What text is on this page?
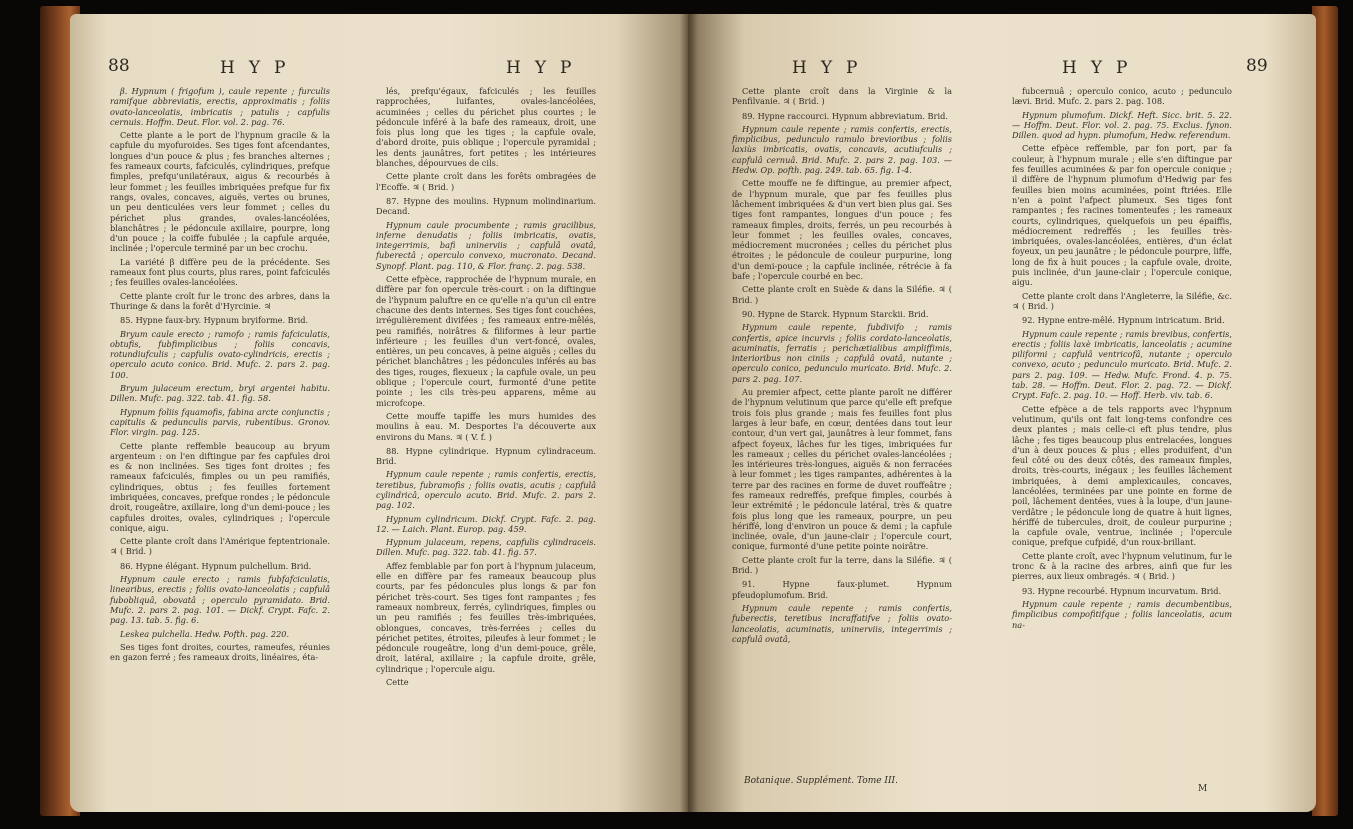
88	HYP	HYP

β. Hypnum ( frigofum ), caule repente ; furculis ramifque abbreviatis, erectis, approximatis ; foliis ovato-lanceolatis, imbricatis ; patulis ; capfulis cernuis. Hoffm. Deut. Flor. vol. 2. pag. 76.

Cette plante a le port de l'hypnum gracile & la capfule du myofuroides. Ses tiges font afcendantes, longues d'un pouce & plus ; fes branches alternes ; fes rameaux courts, fafciculés, cylindriques, prefque fimples, prefqu'unilatéraux, aigus & recourbés à leur fommet ; les feuilles imbriquées prefque fur fix rangs, ovales, concaves, aiguës, vertes ou brunes, un peu denticulées vers leur fommet ; celles du périchet plus grandes, ovales-lancéolées, blanchâtres ; le pédoncule axillaire, pourpre, long d'un pouce ; la coiffe fubulée ; la capfule arquée, inclinée ; l'opercule terminé par un bec crochu.

La variété β diffère peu de la précédente. Ses rameaux font plus courts, plus rares, point fafciculés ; fes feuilles ovales-lancéolées.

Cette plante croît fur le tronc des arbres, dans la Thuringe & dans la forêt d'Hyrcinie. ♃

85. Hypne faux-bry. Hypnum bryiforme. Brid.

Bryum caule erecto ; ramofo ; ramis fafciculatis, obtufis, fubfimplicibus ; foliis concavis, rotundiufculis ; capfulis ovato-cylindricis, erectis ; operculo acuto conico. Brid. Mufc. 2. pars 2. pag. 100.

Bryum julaceum erectum, bryi argentei habitu. Dillen. Mufc. pag. 322. tab. 41. fig. 58.

Hypnum foliis fquamofis, fabina arcte conjunctis ; capitulis & pedunculis parvis, rubentibus. Gronov. Flor. virgin. pag. 125.

Cette plante reffemble beaucoup au bryum argenteum : on l'en diftingue par fes capfules droi es & non inclinées. Ses tiges font droites ; fes rameaux fafciculés, fimples ou un peu ramifiés, cylindriques, obtus ; fes feuilles fortement imbriquées, concaves, prefque rondes ; le pédoncule droit, rougeâtre, axillaire, long d'un demi-pouce ; les capfules droites, ovales, cylindriques ; l'opercule conique, aigu.

Cette plante croît dans l'Amérique feptentrionale. ♃ ( Brid. )

86. Hypne élégant. Hypnum pulchellum. Brid.

Hypnum caule erecto ; ramis fubfafciculatis, linearibus, erectis ; foliis ovato-lanceolatis ; capfulâ fubobliquâ, obovatâ ; operculo pyramidato. Brid. Mufc. 2. pars 2. pag. 101. — Dickf. Crypt. Fafc. 2. pag. 13. tab. 5. fig. 6.

Leskea pulchella. Hedw. Pofth. pag. 220.

Ses tiges font droites, courtes, rameufes, réunies en gazon ferré ; fes rameaux droits, linéaires, éta-

lés, prefqu'égaux, fafciculés ; les feuilles rapprochées, luifantes, ovales-lancéolées, acuminées ; celles du périchet plus courtes ; le pédoncule inféré à la bafe des rameaux, droit, une fois plus long que les tiges ; la capfule ovale, d'abord droite, puis oblique ; l'opercule pyramidal ; les dents jaunâtres, fort petites ; les intérieures blanches, dépourvues de cils.

Cette plante croît dans les forêts ombragées de l'Ecoffe. ♃ ( Brid. )

87. Hypne des moulins. Hypnum molindinarium. Decand.

Hypnum caule procumbente ; ramis gracilibus, inferne denudatis ; foliis imbricatis, ovatis, integerrimis, bafi uninerviis ; capfulâ ovatâ, fuberectâ ; operculo convexo, mucronato. Decand. Synopf. Plant. pag. 110, & Flor. franç. 2. pag. 538.

Cette efpèce, rapprochée de l'hypnum murale, en diffère par fon opercule très-court : on la diftingue de l'hypnum paluftre en ce qu'elle n'a qu'un cil entre chacune des dents internes. Ses tiges font couchées, irrégulièrement divifées ; fes rameaux entre-mêlés, peu ramifiés, noirâtres & filiformes à leur partie inférieure ; les feuilles d'un vert-foncé, ovales, entières, un peu concaves, à peine aiguës ; celles du périchet blanchâtres ; les pédoncules inférés au bas des tiges, rouges, flexueux ; la capfule ovale, un peu oblique ; l'opercule court, furmonté d'une petite pointe ; les cils très-peu apparens, même au microfcope.

Cette mouffe tapiffe les murs humides des moulins à eau. M. Desportes l'a découverte aux environs du Mans. ♃ ( V. f. )

88. Hypne cylindrique. Hypnum cylindraceum. Brid.

Hypnum caule repente ; ramis confertis, erectis, teretibus, fubramofis ; foliis ovatis, acutis ; capfulâ cylindricâ, operculo acuto. Brid. Mufc. 2. pars 2. pag. 102.

Hypnum cylindricum. Dickf. Crypt. Fafc. 2. pag. 12. — Laich. Plant. Europ. pag. 459.

Hypnum julaceum, repens, capfulis cylindraceis. Dillen. Mufc. pag. 322. tab. 41. fig. 57.

Affez femblable par fon port à l'hypnum julaceum, elle en diffère par fes rameaux beaucoup plus courts, par fes pédoncules plus longs & par fon périchet très-court. Ses tiges font rampantes ; fes rameaux nombreux, ferrés, cylindriques, fimples ou un peu ramifiés ; fes feuilles très-imbriquées, oblongues, concaves, très-ferrées ; celles du périchet petites, étroites, pileufes à leur fommet ; le pédoncule rougeâtre, long d'un demi-pouce, grêle, droit, latéral, axillaire ; la capfule droite, grêle, cylindrique ; l'opercule aigu.

Cette

HYP	HYP	89

Cette plante croît dans la Virginie & la Penfilvanie. ♃ ( Brid. )

89. Hypne raccourci. Hypnum abbreviatum. Brid.

Hypnum caule repente ; ramis confertis, erectis, fimplicibus, pedunculo ramulo brevioribus ; foliis laxiùs imbricatis, ovatis, concavis, acutiufculis ; capfulâ cernuâ. Brid. Mufc. 2. pars 2. pag. 103. — Hedw. Op. pofth. pag. 249. tab. 65. fig. 1-4.

Cette mouffe ne fe diftingue, au premier afpect, de l'hypnum murale, que par fes feuilles plus lâchement imbriquées & d'un vert bien plus gai. Ses tiges font rampantes, longues d'un pouce ; fes rameaux fimples, droits, ferrés, un peu recourbés à leur fommet ; les feuilles ovales, concaves, médiocrement mucronées ; celles du périchet plus étroites ; le pédoncule de couleur purpurine, long d'un demi-pouce ; la capfule inclinée, rétrécie à fa bafe ; l'opercule courbé en bec.

Cette plante croît en Suède & dans la Siléfie. ♃ ( Brid. )

90. Hypne de Starck. Hypnum Starckii. Brid.

Hypnum caule repente, fubdivifo ; ramis confertis, apice incurvis ; foliis cordato-lanceolatis, acuminatis, ferratis ; perichætialibus ampliffimis, interioribus non ciniis ; capfulâ ovatâ, nutante ; operculo conico, pedunculo muricato. Brid. Mufc. 2. pars 2. pag. 107.

Au premier afpect, cette plante paroît ne différer de l'hypnum velutinum que parce qu'elle eft prefque trois fois plus grande ; mais fes feuilles font plus larges à leur bafe, en cœur, dentées dans tout leur contour, d'un vert gai, jaunâtres à leur fommet, fans afpect foyeux, lâches fur les tiges, imbriquées fur les rameaux ; celles du périchet ovales-lancéolées ; les intérieures très-longues, aiguës & non ferracées à leur fommet ; les tiges rampantes, adhérentes à la terre par des racines en forme de duvet rouffeâtre ; fes rameaux redreffés, prefque fimples, courbés à leur extrémité ; le pédoncule latéral, très & quatre fois plus long que les rameaux, pourpre, un peu hériffé, long d'environ un pouce & demi ; la capfule inclinée, ovale, d'un jaune-clair ; l'opercule court, conique, furmonté d'une petite pointe noirâtre.

Cette plante croît fur la terre, dans la Siléfie. ♃ ( Brid. )

91. Hypne faux-plumet. Hypnum pfeudoplumofum. Brid.

Hypnum caule repente ; ramis confertis, fuberectis, teretibus incraffatifve ; foliis ovato-lanceolatis, acuminatis, uninerviis, integerrimis ; capfulâ ovatâ,

fubcernuâ ; operculo conico, acuto ; pedunculo lævi. Brid. Mufc. 2. pars 2. pag. 108.

Hypnum plumofum. Dickf. Heft. Sicc. brit. 5. 22. — Hoffm. Deut. Flor. vol. 2. pag. 75. Exclus. fynon. Dillen. quod ad hypn. plumofum, Hedw. referendum.

Cette efpèce reffemble, par fon port, par fa couleur, à l'hypnum murale ; elle s'en diftingue par fes feuilles acuminées & par fon opercule conique ; il diffère de l'hypnum plumofum d'Hedwig par fes feuilles bien moins acuminées, point ftriées. Elle n'en a point l'afpect plumeux. Ses tiges font rampantes ; fes racines tomenteufes ; les rameaux courts, cylindriques, quelquefois un peu épaiffis, médiocrement redreffés ; les feuilles très-imbriquées, ovales-lancéolées, entières, d'un éclat foyeux, un peu jaunâtre ; le pédoncule pourpre, liffe, long de fix à huit pouces ; la capfule ovale, droite, puis inclinée, d'un jaune-clair ; l'opercule conique, aigu.

Cette plante croît dans l'Angleterre, la Siléfie, &c. ♃ ( Brid. )

92. Hypne entre-mêlé. Hypnum intricatum. Brid.

Hypnum caule repente ; ramis brevibus, confertis, erectis ; foliis laxè imbricatis, lanceolatis ; acumine piliformi ; capfulâ ventricofâ, nutante ; operculo convexo, acuto ; pedunculo muricato. Brid. Mufc. 2. pars 2. pag. 109. — Hedw. Mufc. Frond. 4. p. 75. tab. 28. — Hoffm. Deut. Flor. 2. pag. 72. — Dickf. Crypt. Fafc. 2. pag. 10. — Hoff. Herb. viv. tab. 6.

Cette efpèce a de tels rapports avec l'hypnum velutinum, qu'ils ont fait long-tems confondre ces deux plantes ; mais celle-ci eft plus tendre, plus lâche ; fes tiges beaucoup plus entrelacées, longues d'un à deux pouces & plus ; elles produifent, d'un feul côté ou des deux côtés, des rameaux fimples, droits, très-courts, inégaux ; les feuilles lâchement imbriquées, à demi amplexicaules, concaves, lancéolées, terminées par une pointe en forme de poil, lâchement dentées, vues à la loupe, d'un jaune-verdâtre ; le pédoncule long de quatre à huit lignes, hériffé de tubercules, droit, de couleur purpurine ; la capfule ovale, ventrue, inclinée ; l'opercule conique, prefque cufpidé, d'un roux-brillant.

Cette plante croît, avec l'hypnum velutinum, fur le tronc & à la racine des arbres, ainfi que fur les pierres, aux lieux ombragés. ♃ ( Brid. )

93. Hypne recourbé. Hypnum incurvatum. Brid.

Hypnum caule repente ; ramis decumbentibus, fimplicibus compofitifque ; foliis lanceolatis, acum na-

Botanique. Supplément. Tome III.
M
